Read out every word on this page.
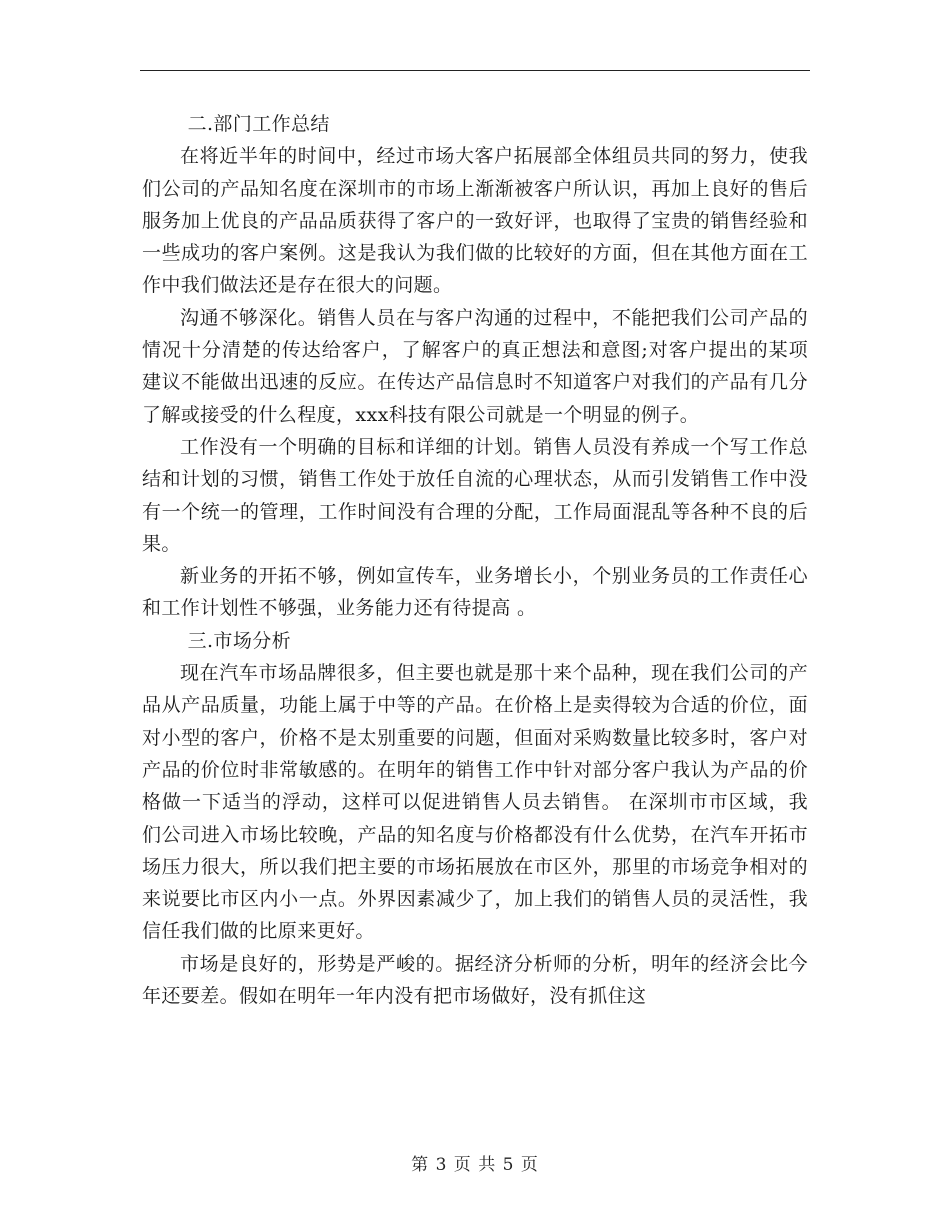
二.部门工作总结

在将近半年的时间中，经过市场大客户拓展部全体组员共同的努力，使我们公司的产品知名度在深圳市的市场上渐渐被客户所认识，再加上良好的售后服务加上优良的产品品质获得了客户的一致好评，也取得了宝贵的销售经验和一些成功的客户案例。这是我认为我们做的比较好的方面，但在其他方面在工作中我们做法还是存在很大的问题。

沟通不够深化。销售人员在与客户沟通的过程中，不能把我们公司产品的情况十分清楚的传达给客户，了解客户的真正想法和意图;对客户提出的某项建议不能做出迅速的反应。在传达产品信息时不知道客户对我们的产品有几分了解或接受的什么程度，xxx科技有限公司就是一个明显的例子。

工作没有一个明确的目标和详细的计划。销售人员没有养成一个写工作总结和计划的习惯，销售工作处于放任自流的心理状态，从而引发销售工作中没有一个统一的管理，工作时间没有合理的分配，工作局面混乱等各种不良的后果。

新业务的开拓不够，例如宣传车，业务增长小，个别业务员的工作责任心和工作计划性不够强，业务能力还有待提高 。

三.市场分析

现在汽车市场品牌很多，但主要也就是那十来个品种，现在我们公司的产品从产品质量，功能上属于中等的产品。在价格上是卖得较为合适的价位，面对小型的客户，价格不是太别重要的问题，但面对采购数量比较多时，客户对产品的价位时非常敏感的。在明年的销售工作中针对部分客户我认为产品的价格做一下适当的浮动，这样可以促进销售人员去销售。 在深圳市市区域，我们公司进入市场比较晚，产品的知名度与价格都没有什么优势，在汽车开拓市场压力很大，所以我们把主要的市场拓展放在市区外，那里的市场竞争相对的来说要比市区内小一点。外界因素减少了，加上我们的销售人员的灵活性，我信任我们做的比原来更好。

市场是良好的，形势是严峻的。据经济分析师的分析，明年的经济会比今年还要差。假如在明年一年内没有把市场做好，没有抓住这

第 3 页 共 5 页
